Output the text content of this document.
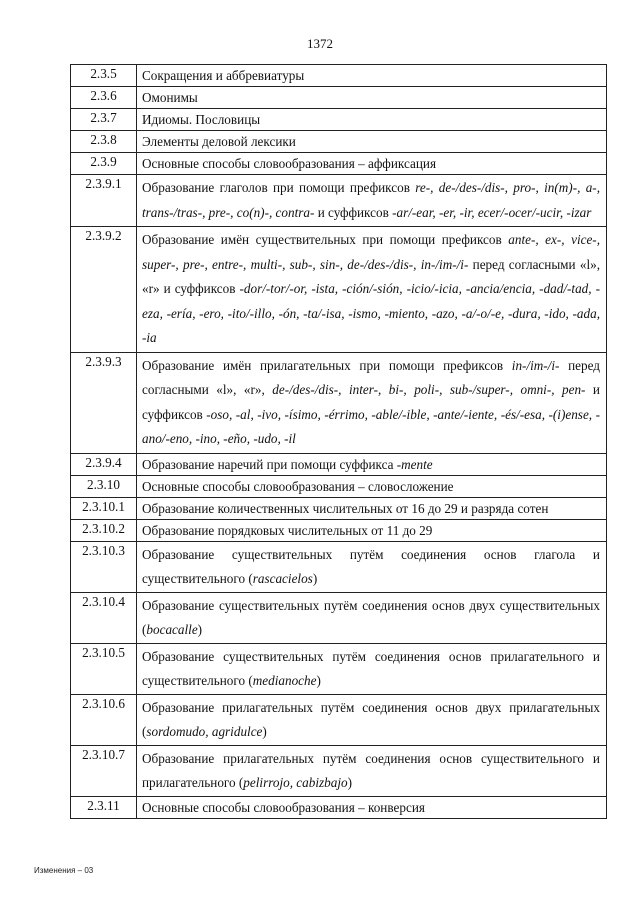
1372
2.3.5	Сокращения и аббревиатуры
2.3.6	Омонимы
2.3.7	Идиомы. Пословицы
2.3.8	Элементы деловой лексики
2.3.9	Основные способы словообразования – аффиксация
2.3.9.1	Образование глаголов при помощи префиксов re-, de-/des-/dis-, pro-, in(m)-, a-, trans-/tras-, pre-, co(n)-, contra- и суффиксов -ar/-ear, -er, -ir, ecer/-ocer/-ucir, -izar

2.3.9.2	Образование имён существительных при помощи префиксов ante-, ex-, vice-, super-, pre-, entre-, multi-, sub-, sin-, de-/des-/dis-, in-/im-/i- перед согласными «l», «r» и суффиксов -dor/-tor/-or, -ista, -ción/-sión, -icio/-icia, -ancia/encia, -dad/-tad, -eza, -ería, -ero, -ito/-illo, -ón, -ta/-isa, -ismo, -miento, -azo, -a/-o/-e, -dura, -ido, -ada, -ia

2.3.9.3	Образование имён прилагательных при помощи префиксов in-/im-/i- перед согласными «l», «r», de-/des-/dis-, inter-, bi-, poli-, sub-/super-, omni-, pen- и суффиксов -oso, -al, -ivo, -ísimo, -érrimo, -able/-ible, -ante/-iente, -és/-esa, -(i)ense, -ano/-eno, -ino, -eño, -udo, -il

2.3.9.4	Образование наречий при помощи суффикса -mente
2.3.10	Основные способы словообразования – словосложение
2.3.10.1	Образование количественных числительных от 16 до 29 и разряда сотен
2.3.10.2	Образование порядковых числительных от 11 до 29
2.3.10.3	Образование существительных путём соединения основ глагола и существительного (rascacielos)

2.3.10.4	Образование существительных путём соединения основ двух существительных (bocacalle)

2.3.10.5	Образование существительных путём соединения основ прилагательного и существительного (medianoche)

2.3.10.6	Образование прилагательных путём соединения основ двух прилагательных (sordomudo, agridulce)

2.3.10.7	Образование прилагательных путём соединения основ существительного и прилагательного (pelirrojo, cabizbajo)

2.3.11	Основные способы словообразования – конверсия
Изменения – 03
